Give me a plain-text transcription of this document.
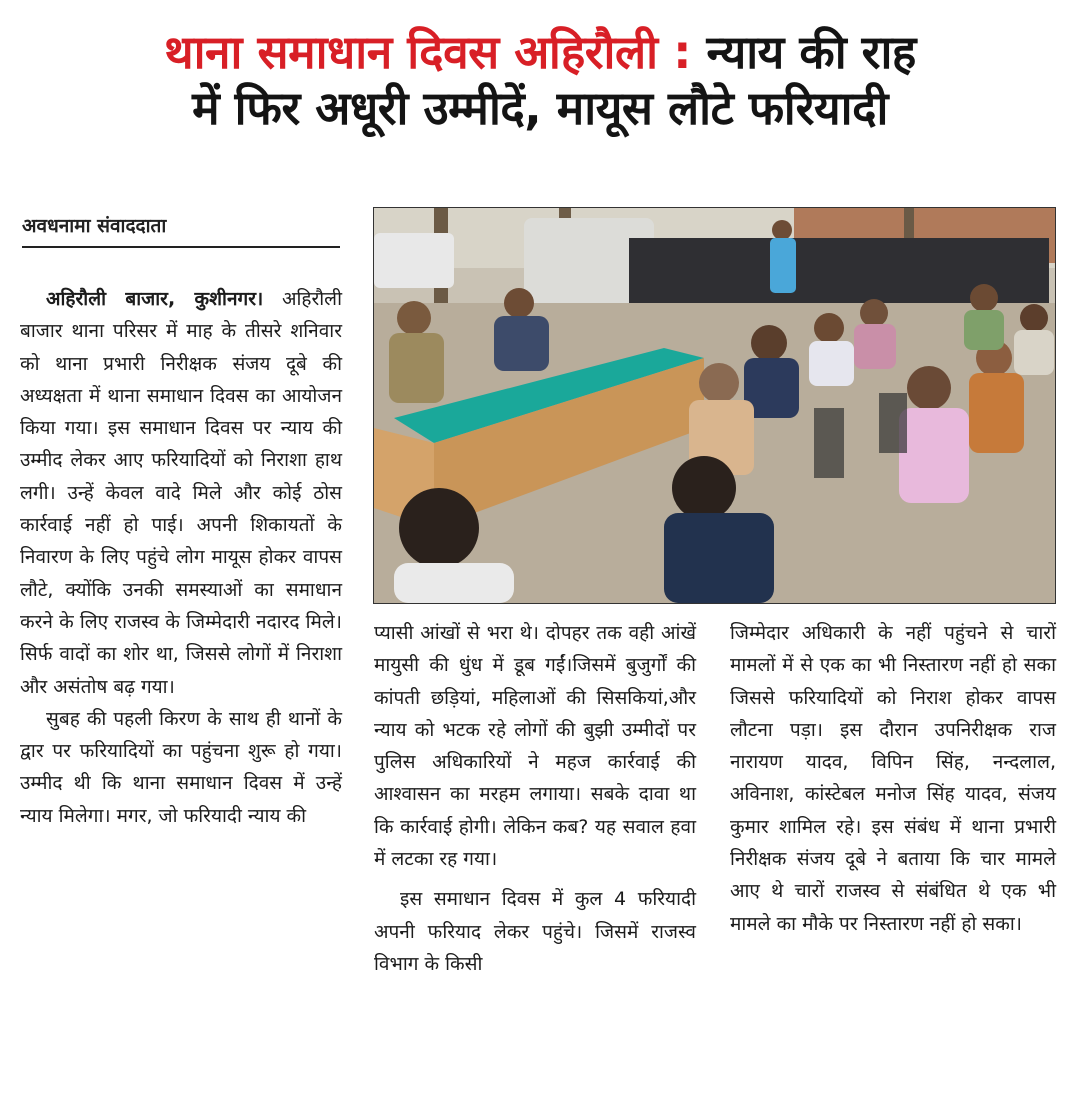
थाना समाधान दिवस अहिरौली : न्याय की राह
में फिर अधूरी उम्मीदें, मायूस लौटे फरियादी
अवधनामा संवाददाता

अहिरौली बाजार, कुशीनगर। अहिरौली बाजार थाना परिसर में माह के तीसरे शनिवार को थाना प्रभारी निरीक्षक संजय दूबे की अध्यक्षता में थाना समाधान दिवस का आयोजन किया गया। इस समाधान दिवस पर न्याय की उम्मीद लेकर आए फरियादियों को निराशा हाथ लगी। उन्हें केवल वादे मिले और कोई ठोस कार्रवाई नहीं हो पाई। अपनी शिकायतों के निवारण के लिए पहुंचे लोग मायूस होकर वापस लौटे, क्योंकि उनकी समस्याओं का समाधान करने के लिए राजस्व के जिम्मेदारी नदारद मिले। सिर्फ वादों का शोर था, जिससे लोगों में निराशा और असंतोष बढ़ गया।

सुबह की पहली किरण के साथ ही थानों के द्वार पर फरियादियों का पहुंचना शुरू हो गया। उम्मीद थी कि थाना समाधान दिवस में उन्हें न्याय मिलेगा। मगर, जो फरियादी न्याय की

प्यासी आंखों से भरा थे। दोपहर तक वही आंखें मायुसी की धुंध में डूब गईं।जिसमें बुजुर्गों की कांपती छड़ियां, महिलाओं की सिसकियां,और न्याय को भटक रहे लोगों की बुझी उम्मीदों पर पुलिस अधिकारियों ने महज कार्रवाई की आश्वासन का मरहम लगाया। सबके दावा था कि कार्रवाई होगी। लेकिन कब? यह सवाल हवा में लटका रह गया।

इस समाधान दिवस में कुल 4 फरियादी अपनी फरियाद लेकर पहुंचे। जिसमें राजस्व विभाग के किसी

जिम्मेदार अधिकारी के नहीं पहुंचने से चारों मामलों में से एक का भी निस्तारण नहीं हो सका जिससे फरियादियों को निराश होकर वापस लौटना पड़ा। इस दौरान उपनिरीक्षक राज नारायण यादव, विपिन सिंह, नन्दलाल, अविनाश, कांस्टेबल मनोज सिंह यादव, संजय कुमार शामिल रहे। इस संबंध में थाना प्रभारी निरीक्षक संजय दूबे ने बताया कि चार मामले आए थे चारों राजस्व से संबंधित थे एक भी मामले का मौके पर निस्तारण नहीं हो सका।
